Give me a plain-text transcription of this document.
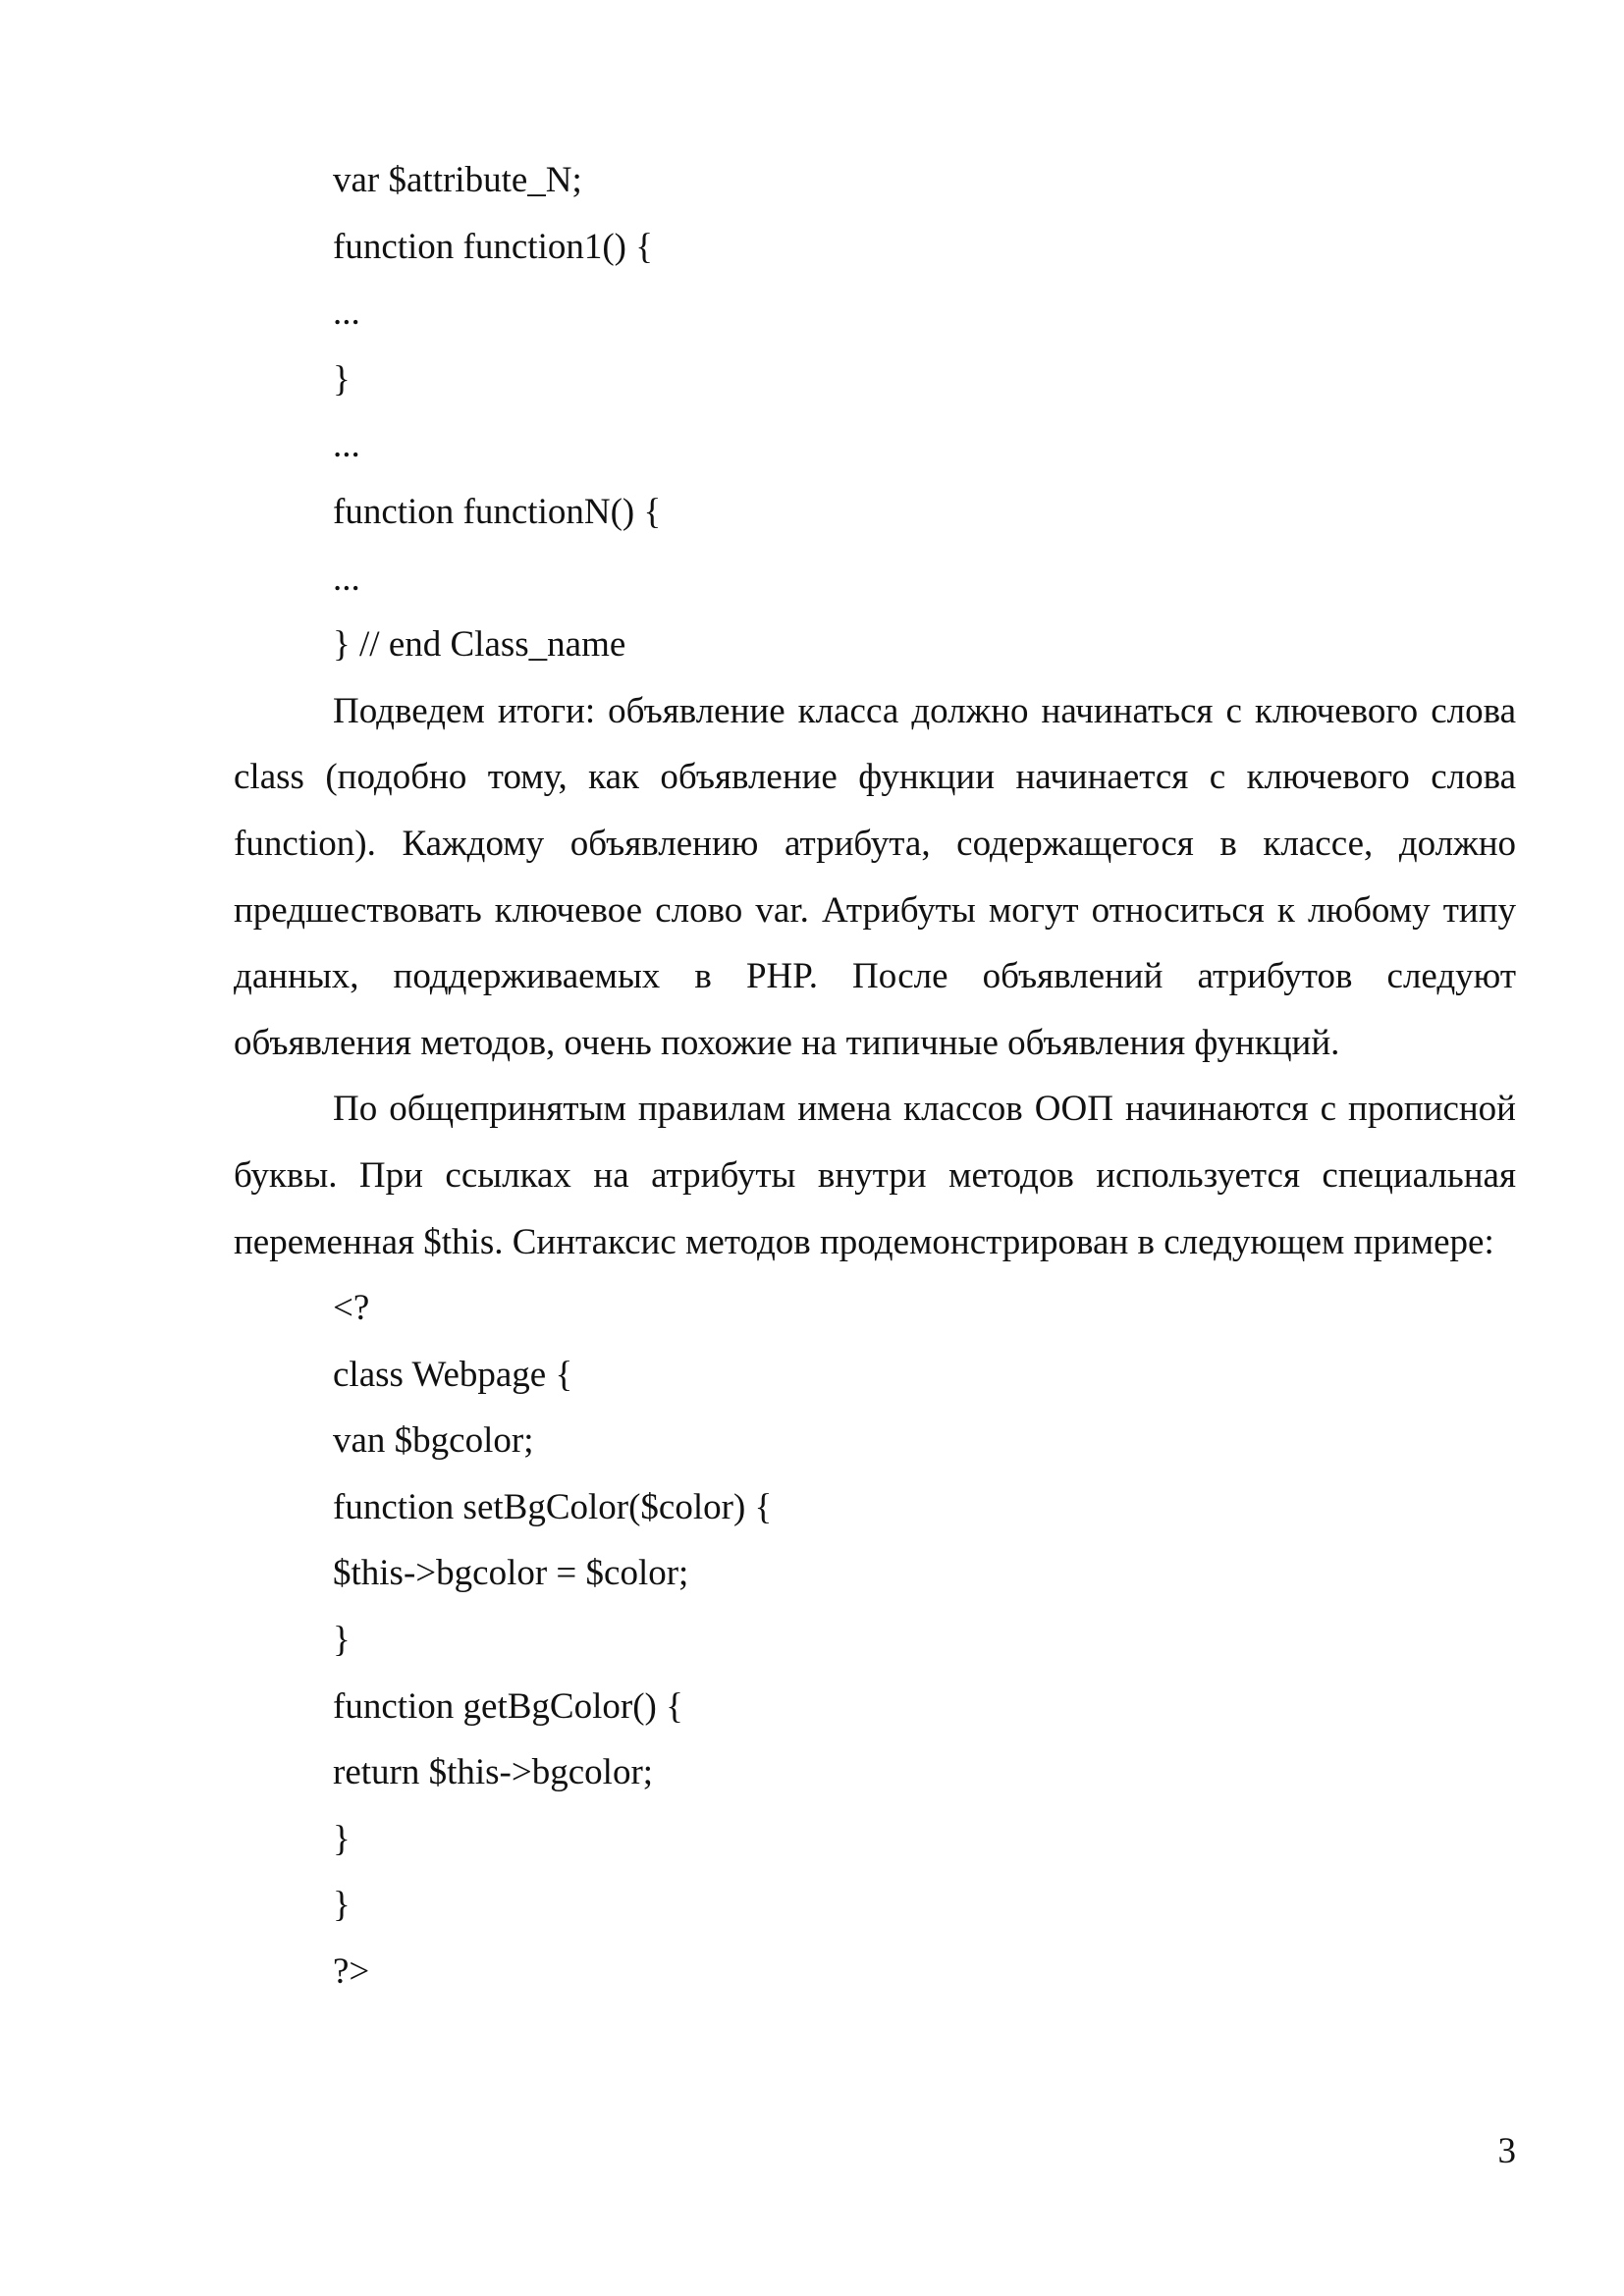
var $attribute_N;

function function1() {

...

}

...

function functionN() {

...

} // end Class_name

Подведем итоги: объявление класса должно начинаться с ключевого слова class (подобно тому, как объявление функции начинается с ключевого слова function). Каждому объявлению атрибута, содержащегося в классе, должно предшествовать ключевое слово var. Атрибуты могут относиться к любому типу данных, поддерживаемых в PHP. После объявлений атрибутов следуют объявления методов, очень похожие на типичные объявления функций.

По общепринятым правилам имена классов ООП начинаются с прописной буквы. При ссылках на атрибуты внутри методов используется специальная переменная $this. Синтаксис методов продемонстрирован в следующем примере:

<?

class Webpage {

van $bgcolor;

function setBgColor($color) {

$this->bgcolor = $color;

}

function getBgColor() {

return $this->bgcolor;

}

}

?>

3
